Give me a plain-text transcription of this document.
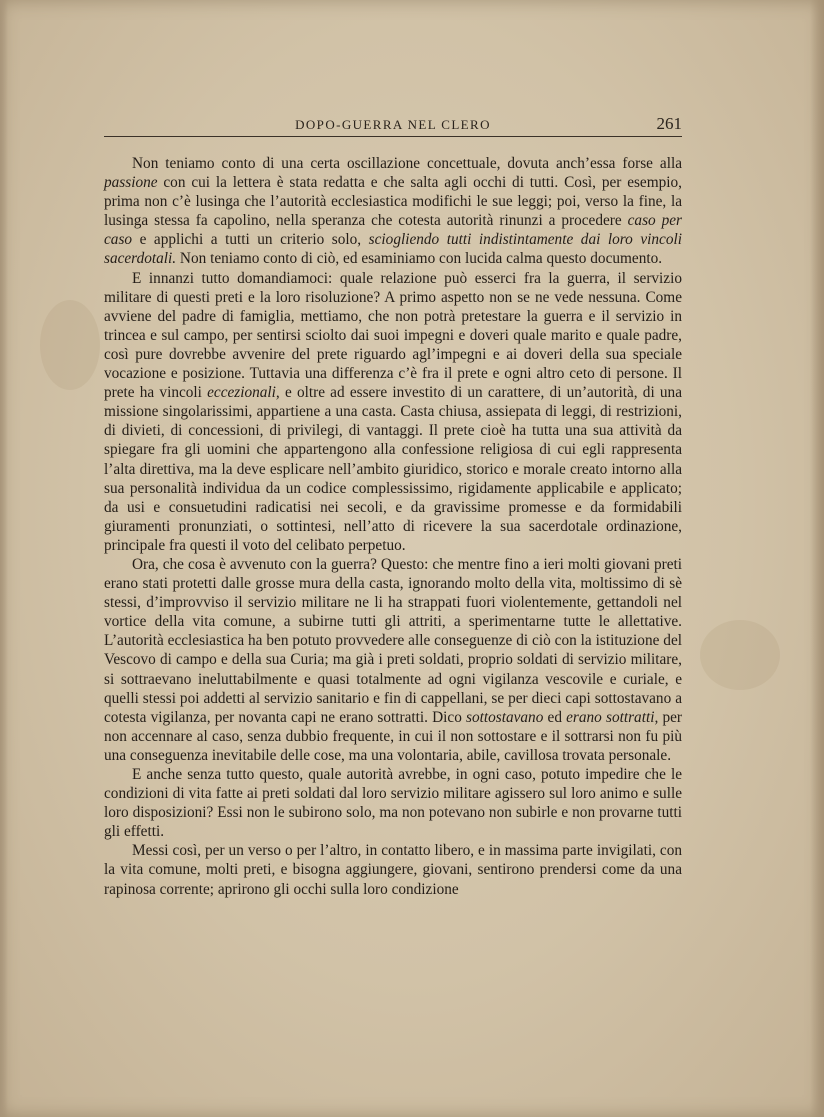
DOPO-GUERRA NEL CLERO	261

Non teniamo conto di una certa oscillazione concettuale, dovuta anch’essa forse alla passione con cui la lettera è stata redatta e che salta agli occhi di tutti. Così, per esempio, prima non c’è lusinga che l’autorità ecclesiastica modifichi le sue leggi; poi, verso la fine, la lusinga stessa fa capolino, nella speranza che cotesta autorità rinunzi a procedere caso per caso e applichi a tutti un criterio solo, sciogliendo tutti indistintamente dai loro vincoli sacerdotali. Non teniamo conto di ciò, ed esaminiamo con lucida calma questo documento.

E innanzi tutto domandiamoci: quale relazione può esserci fra la guerra, il servizio militare di questi preti e la loro risoluzione? A primo aspetto non se ne vede nessuna. Come avviene del padre di famiglia, mettiamo, che non potrà pretestare la guerra e il servizio in trincea e sul campo, per sentirsi sciolto dai suoi impegni e doveri quale marito e quale padre, così pure dovrebbe avvenire del prete riguardo agl’impegni e ai doveri della sua speciale vocazione e posizione. Tuttavia una differenza c’è fra il prete e ogni altro ceto di persone. Il prete ha vincoli eccezionali, e oltre ad essere investito di un carattere, di un’autorità, di una missione singolarissimi, appartiene a una casta. Casta chiusa, assiepata di leggi, di restrizioni, di divieti, di concessioni, di privilegi, di vantaggi. Il prete cioè ha tutta una sua attività da spiegare fra gli uomini che appartengono alla confessione religiosa di cui egli rappresenta l’alta direttiva, ma la deve esplicare nell’ambito giuridico, storico e morale creato intorno alla sua personalità individua da un codice complessissimo, rigidamente applicabile e applicato; da usi e consuetudini radicatisi nei secoli, e da gravissime promesse e da formidabili giuramenti pronunziati, o sottintesi, nell’atto di ricevere la sua sacerdotale ordinazione, principale fra questi il voto del celibato perpetuo.

Ora, che cosa è avvenuto con la guerra? Questo: che mentre fino a ieri molti giovani preti erano stati protetti dalle grosse mura della casta, ignorando molto della vita, moltissimo di sè stessi, d’improvviso il servizio militare ne li ha strappati fuori violentemente, gettandoli nel vortice della vita comune, a subirne tutti gli attriti, a sperimentarne tutte le allettative. L’autorità ecclesiastica ha ben potuto provvedere alle conseguenze di ciò con la istituzione del Vescovo di campo e della sua Curia; ma già i preti soldati, proprio soldati di servizio militare, si sottraevano ineluttabilmente e quasi totalmente ad ogni vigilanza vescovile e curiale, e quelli stessi poi addetti al servizio sanitario e fin di cappellani, se per dieci capi sottostavano a cotesta vigilanza, per novanta capi ne erano sottratti. Dico sottostavano ed erano sottratti, per non accennare al caso, senza dubbio frequente, in cui il non sottostare e il sottrarsi non fu più una conseguenza inevitabile delle cose, ma una volontaria, abile, cavillosa trovata personale.

E anche senza tutto questo, quale autorità avrebbe, in ogni caso, potuto impedire che le condizioni di vita fatte ai preti soldati dal loro servizio militare agissero sul loro animo e sulle loro disposizioni? Essi non le subirono solo, ma non potevano non subirle e non provarne tutti gli effetti.

Messi così, per un verso o per l’altro, in contatto libero, e in massima parte invigilati, con la vita comune, molti preti, e bisogna aggiungere, giovani, sentirono prendersi come da una rapinosa corrente; aprirono gli occhi sulla loro condizione
